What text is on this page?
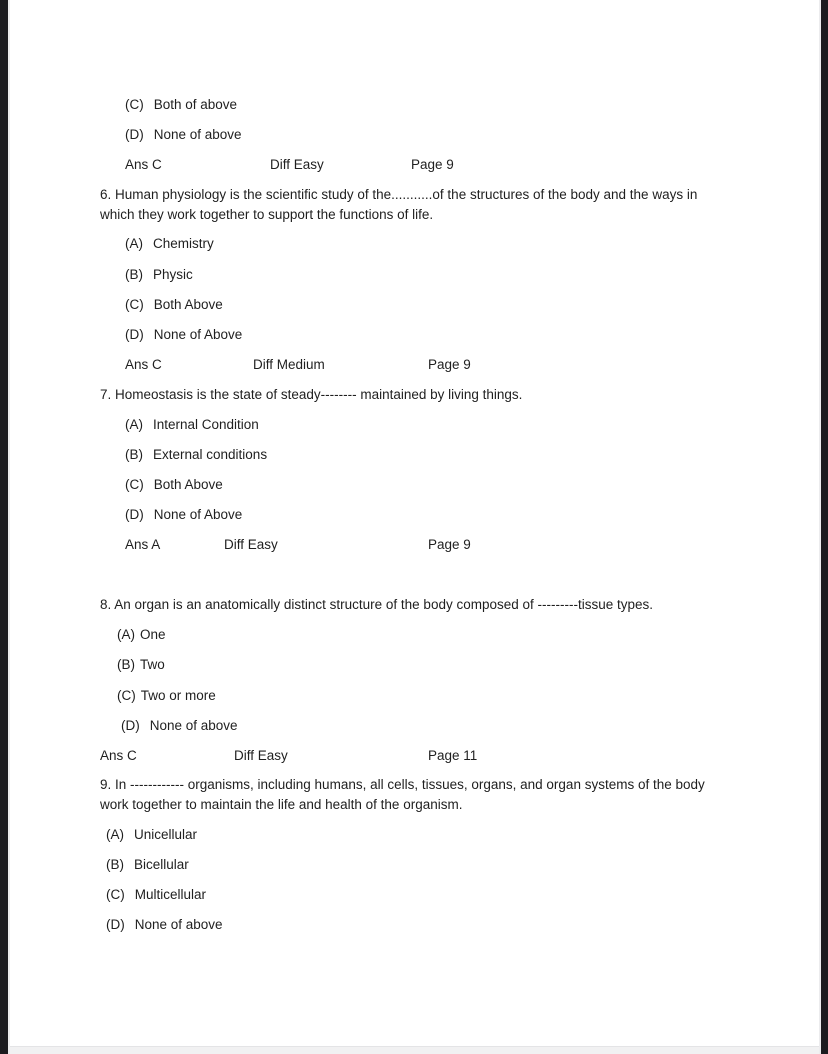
(C) Both of above
(D) None of above
Ans C	Diff Easy	Page 9
6. Human physiology is the scientific study of the...........of the structures of the body and the ways in which they work together to support the functions of life.
(A) Chemistry
(B) Physic
(C) Both Above
(D) None of Above
Ans C	Diff Medium	Page 9
7. Homeostasis is the state of steady-------- maintained by living things.
(A) Internal Condition
(B) External conditions
(C) Both Above
(D) None of Above
Ans A	Diff Easy	Page 9
8. An organ is an anatomically distinct structure of the body composed of ---------tissue types.
(A) One
(B) Two
(C) Two or more
(D) None of above
Ans C	Diff Easy	Page 11
9. In ------------ organisms, including humans, all cells, tissues, organs, and organ systems of the body work together to maintain the life and health of the organism.
(A) Unicellular
(B) Bicellular
(C) Multicellular
(D) None of above
